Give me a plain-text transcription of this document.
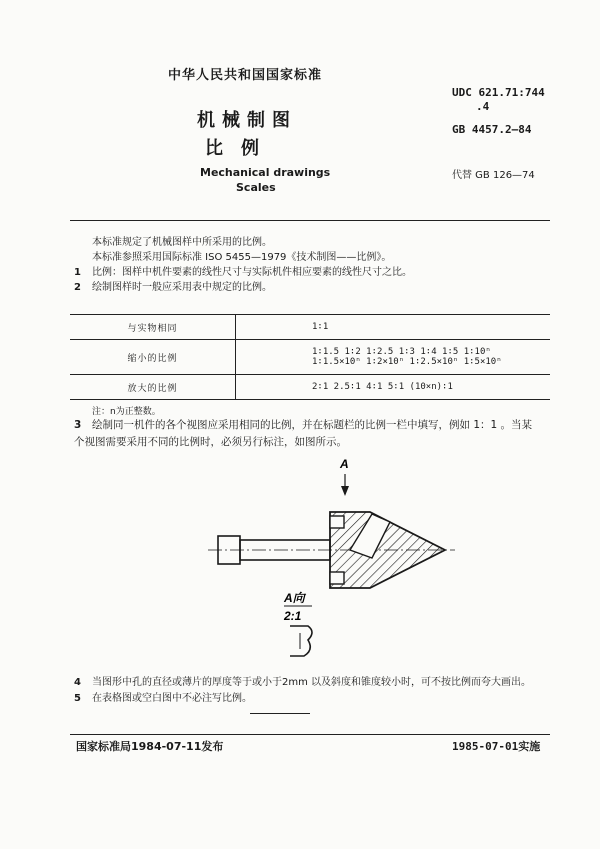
中华人民共和国国家标准
UDC 621.71:744
.4
GB 4457.2—84
机械制图
比例
Mechanical drawings
Scales
代替 GB 126—74
本标准规定了机械图样中所采用的比例。
本标准参照采用国际标准 ISO 5455—1979《技术制图——比例》。
1 比例：图样中机件要素的线性尺寸与实际机件相应要素的线性尺寸之比。
2 绘制图样时一般应采用表中规定的比例。
与实物相同	1∶1

缩小的比例	1∶1.5 1∶2 1∶2.5 1∶3 1∶4 1∶5 1∶10ⁿ
1∶1.5×10ⁿ 1∶2×10ⁿ 1∶2.5×10ⁿ 1∶5×10ⁿ

放大的比例	2∶1 2.5∶1 4∶1 5∶1 (10×n)∶1
注：n为正整数。
3 绘制同一机件的各个视图应采用相同的比例，并在标题栏的比例一栏中填写，例如 1：1 。当某
个视图需要采用不同的比例时，必须另行标注，如图所示。
A
A向
2:1
4 当图形中孔的直径或薄片的厚度等于或小于2mm 以及斜度和锥度较小时，可不按比例而夸大画出。
5 在表格图或空白图中不必注写比例。
国家标准局1984-07-11发布	1985-07-01实施
